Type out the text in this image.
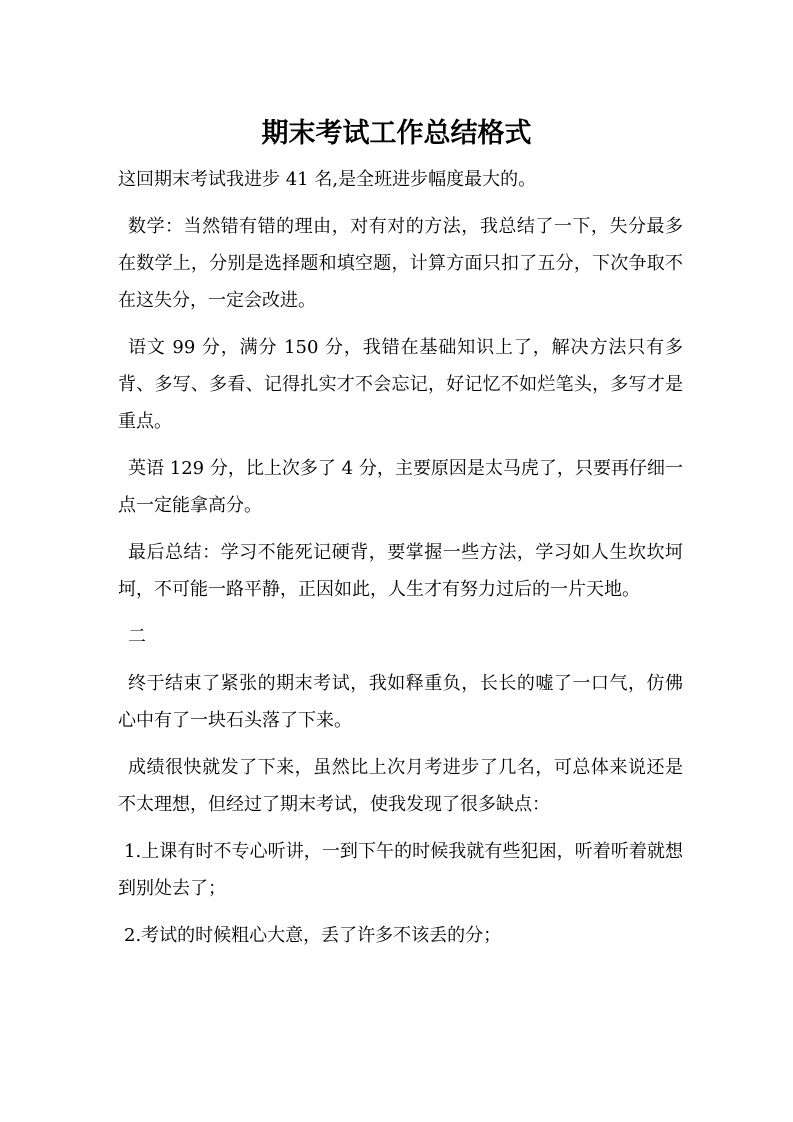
期末考试工作总结格式

这回期末考试我进步 41 名,是全班进步幅度最大的。

数学：当然错有错的理由，对有对的方法，我总结了一下，失分最多在数学上，分别是选择题和填空题，计算方面只扣了五分，下次争取不在这失分，一定会改进。

语文 99 分，满分 150 分，我错在基础知识上了，解决方法只有多背、多写、多看、记得扎实才不会忘记，好记忆不如烂笔头，多写才是重点。

英语 129 分，比上次多了 4 分，主要原因是太马虎了，只要再仔细一点一定能拿高分。

最后总结：学习不能死记硬背，要掌握一些方法，学习如人生坎坎坷坷，不可能一路平静，正因如此，人生才有努力过后的一片天地。

二

终于结束了紧张的期末考试，我如释重负，长长的嘘了一口气，仿佛心中有了一块石头落了下来。

成绩很快就发了下来，虽然比上次月考进步了几名，可总体来说还是不太理想，但经过了期末考试，使我发现了很多缺点：

1.上课有时不专心听讲，一到下午的时候我就有些犯困，听着听着就想到别处去了；

2.考试的时候粗心大意，丢了许多不该丢的分；
